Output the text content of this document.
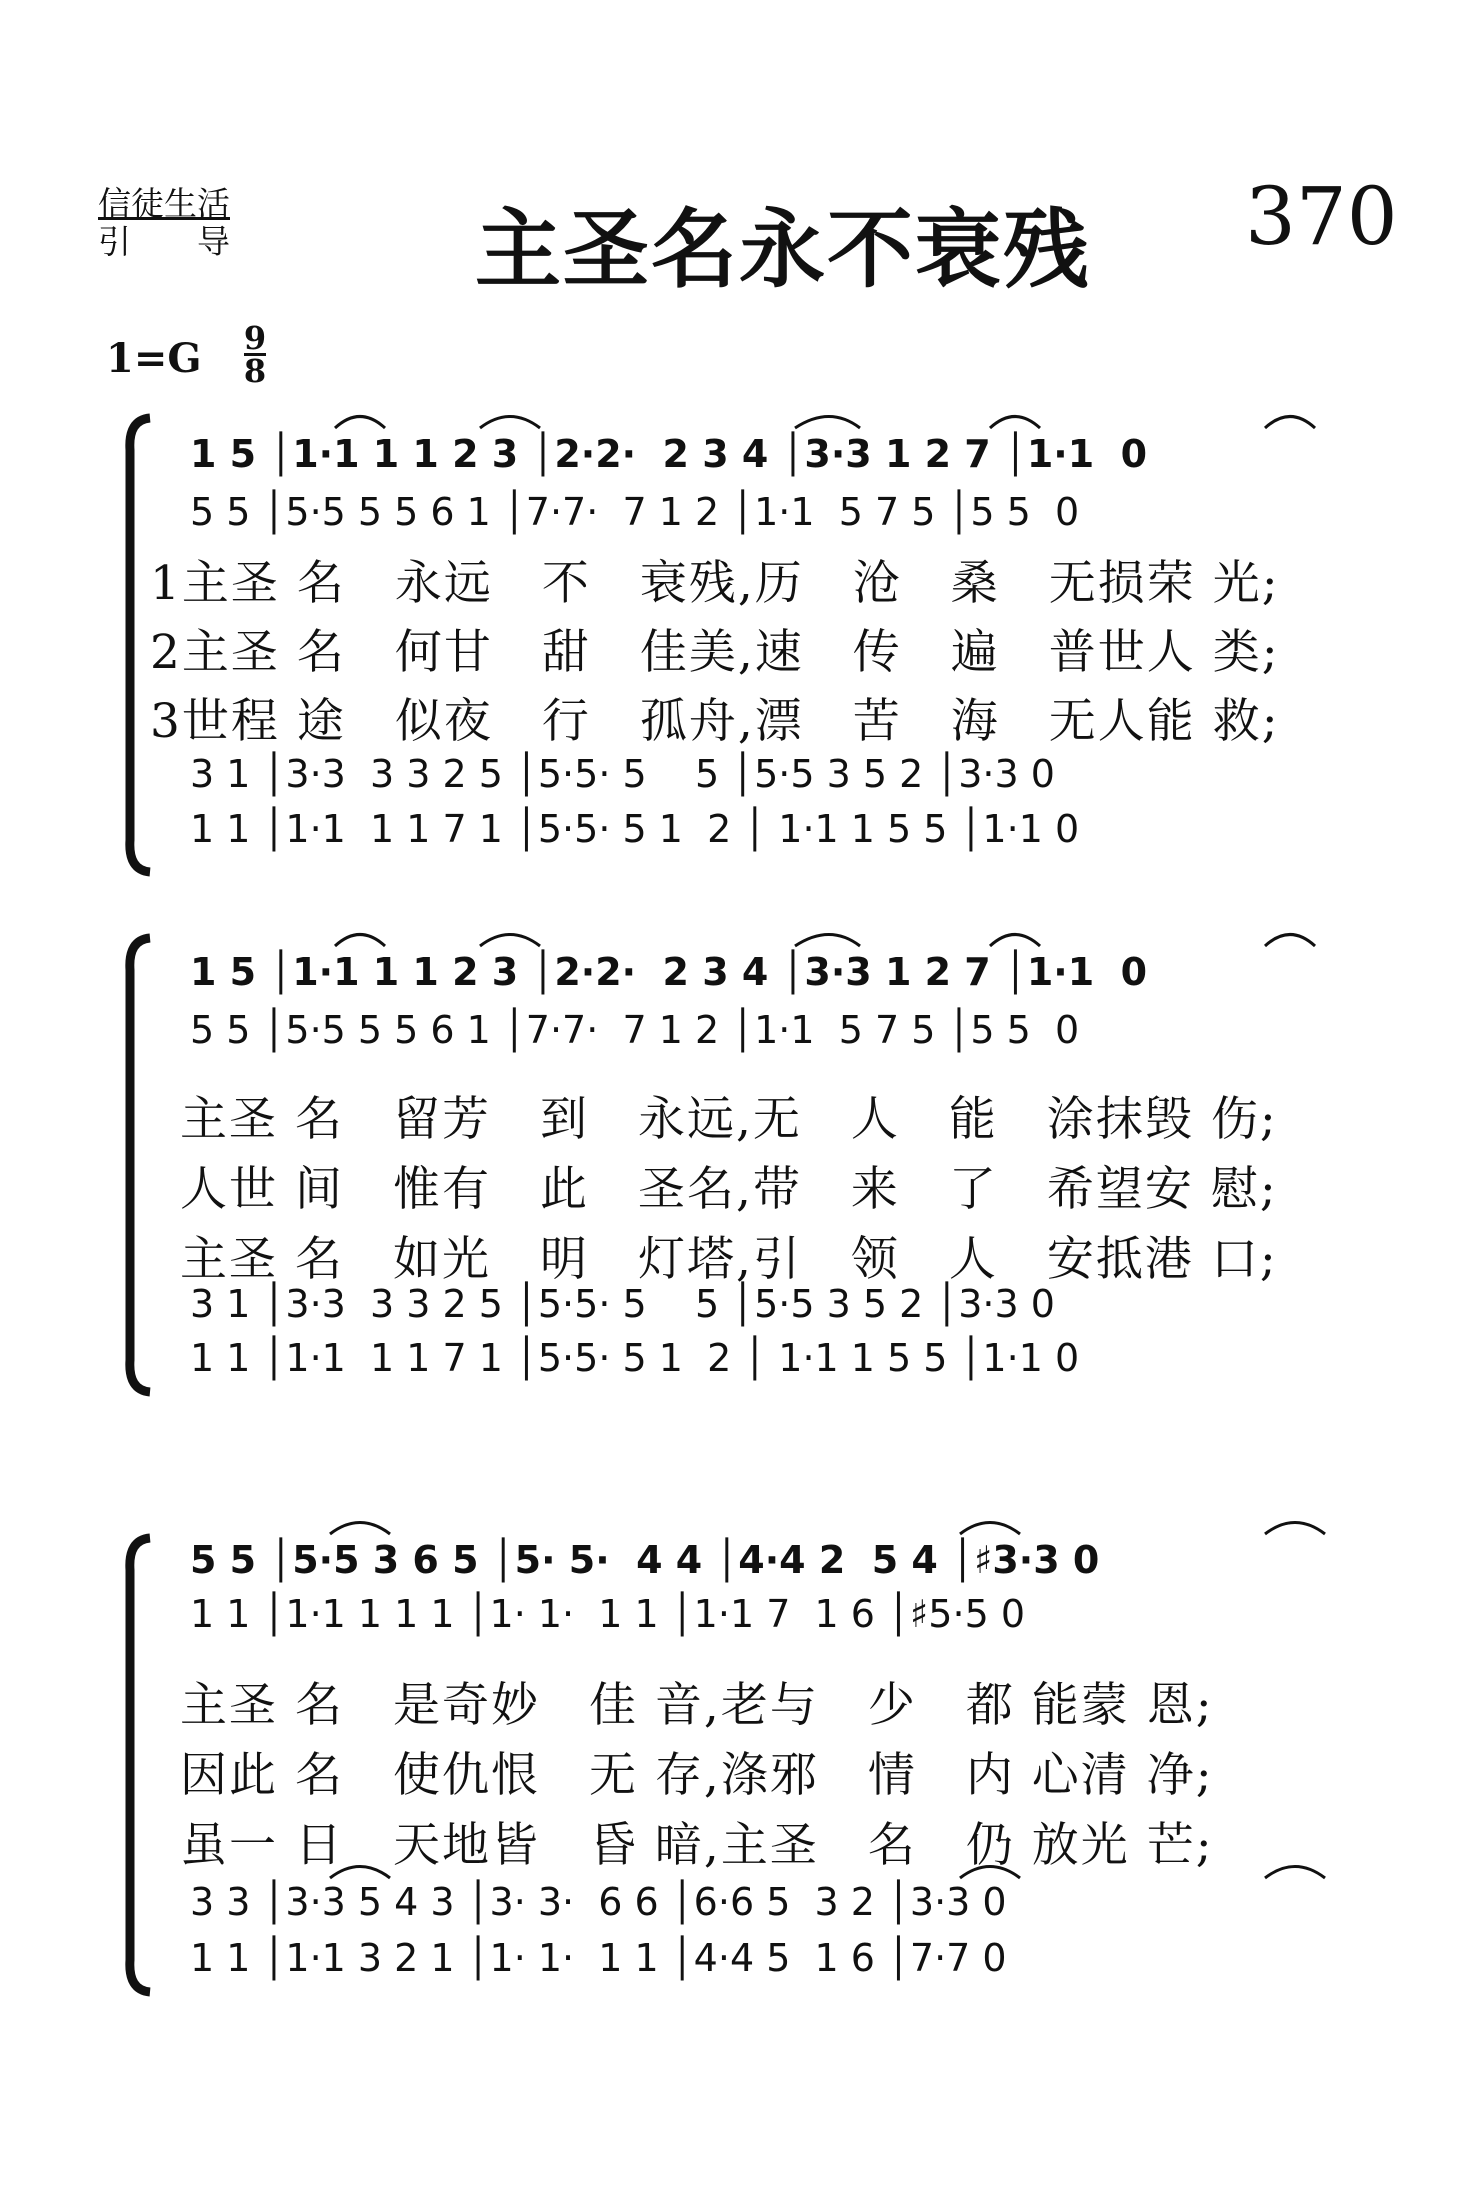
信徒生活
引　　导	主圣名永不衰残 370
1=G 9
8
1 5 │1·1 1 1 2 3 │2·2·  2 3 4 │3·3 1 2 7 │1·1  0
5 5 │5·5 5 5 6 1 │7·7·  7 1 2 │1·1  5 7 5 │5 5  0
1主圣 名　永远　不　衰残,历　沧　桑　无损荣 光;
2主圣 名　何甘　甜　佳美,速　传　遍　普世人 类;
3世程 途　似夜　行　孤舟,漂　苦　海　无人能 救;
3 1 │3·3  3 3 2 5 │5·5· 5    5 │5·5 3 5 2 │3·3 0
1 1 │1·1  1 1 7 1 │5·5· 5 1  2 │ 1·1 1 5 5 │1·1 0
1 5 │1·1 1 1 2 3 │2·2·  2 3 4 │3·3 1 2 7 │1·1  0
5 5 │5·5 5 5 6 1 │7·7·  7 1 2 │1·1  5 7 5 │5 5  0
主圣 名　留芳　到　永远,无　人　能　涂抹毁 伤;
人世 间　惟有　此　圣名,带　来　了　希望安 慰;
主圣 名　如光　明　灯塔,引　领　人　安抵港 口;
3 1 │3·3  3 3 2 5 │5·5· 5    5 │5·5 3 5 2 │3·3 0
1 1 │1·1  1 1 7 1 │5·5· 5 1  2 │ 1·1 1 5 5 │1·1 0
5 5 │5·5 3 6 5 │5· 5·  4 4 │4·4 2  5 4 │♯3·3 0
1 1 │1·1 1 1 1 │1· 1·  1 1 │1·1 7  1 6 │♯5·5 0
主圣 名　是奇妙　佳 音,老与　少　都 能蒙 恩;
因此 名　使仇恨　无 存,涤邪　情　内 心清 净;
虽一 日　天地皆　昏 暗,主圣　名　仍 放光 芒;
3 3 │3·3 5 4 3 │3· 3·  6 6 │6·6 5  3 2 │3·3 0
1 1 │1·1 3 2 1 │1· 1·  1 1 │4·4 5  1 6 │7·7 0
